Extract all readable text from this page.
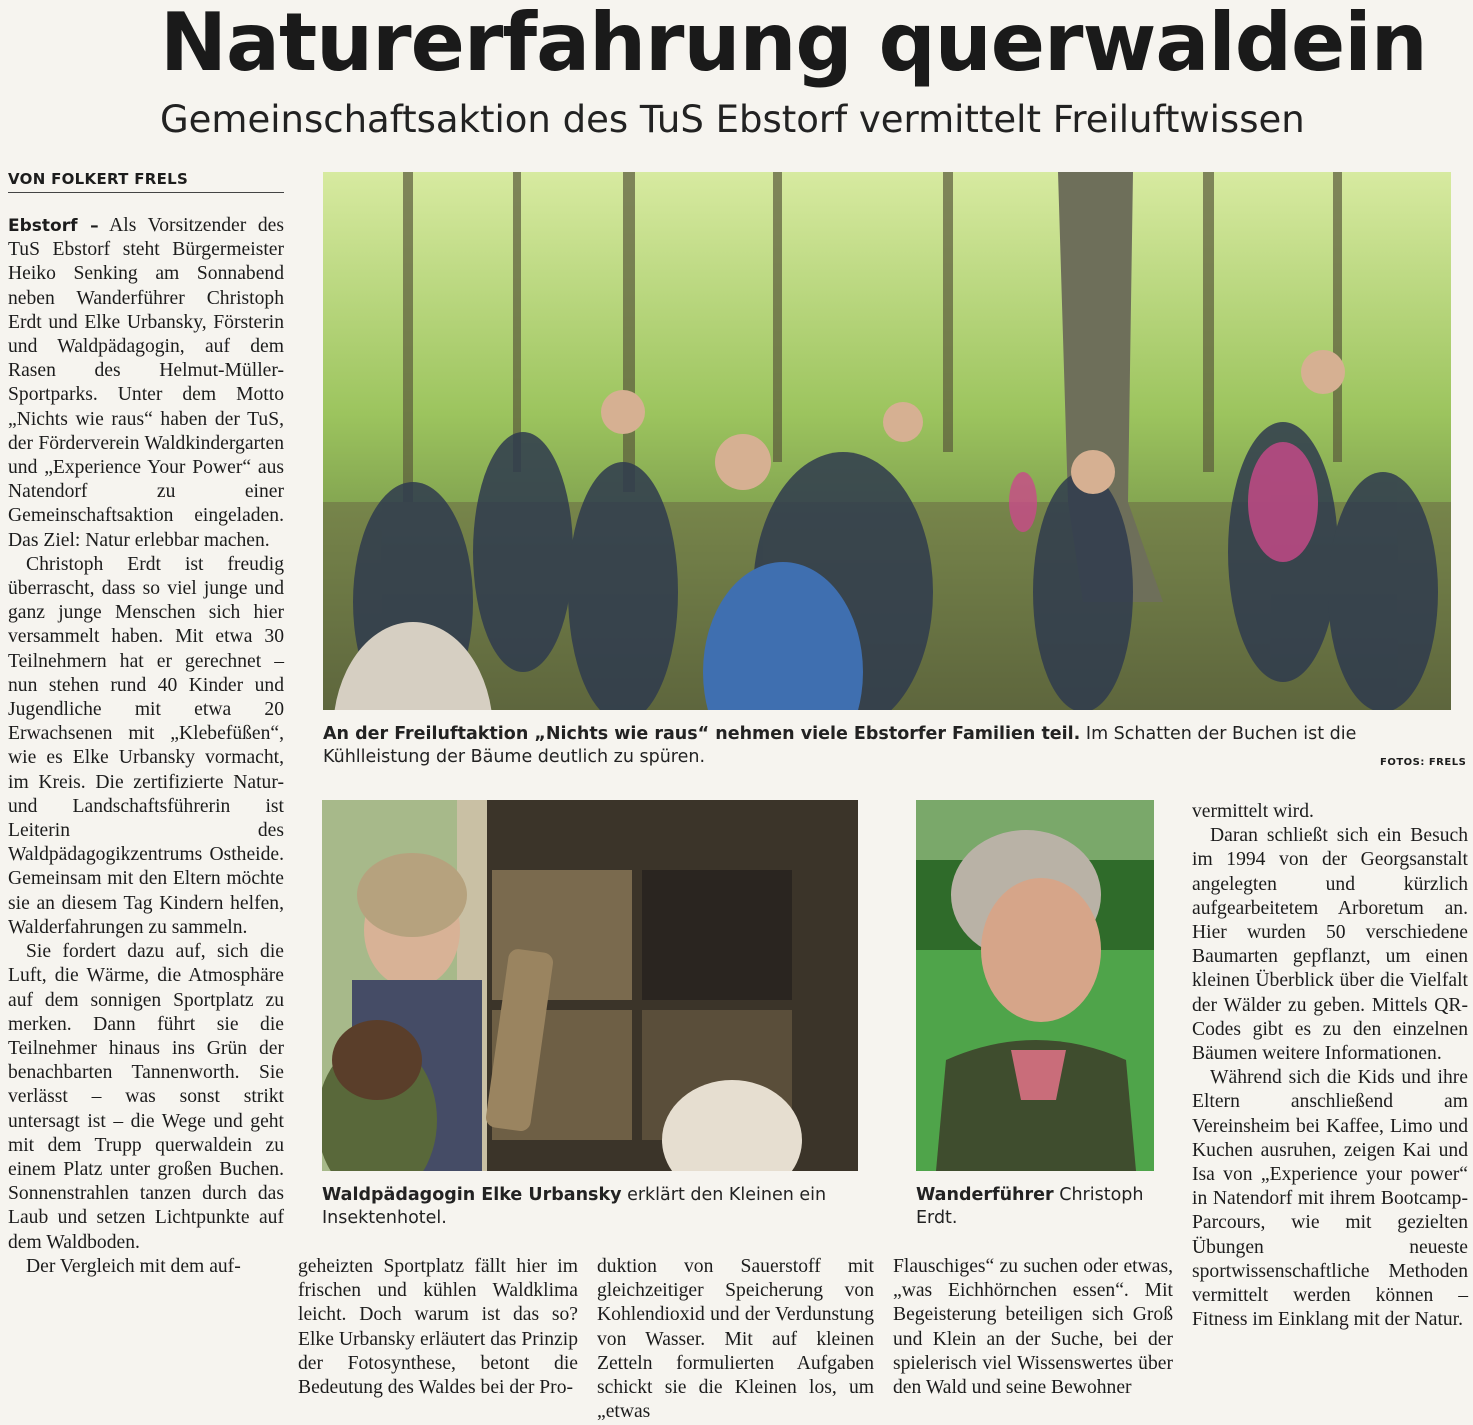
Naturerfahrung querwaldein
Gemeinschaftsaktion des TuS Ebstorf vermittelt Freiluftwissen
VON FOLKERT FRELS

Ebstorf – Als Vorsitzender des TuS Ebstorf steht Bürgermeister Heiko Senking am Sonnabend neben Wanderführer Christoph Erdt und Elke Urbansky, Försterin und Waldpädagogin, auf dem Rasen des Helmut-Müller-Sportparks. Unter dem Motto „Nichts wie raus“ haben der TuS, der Förderverein Waldkindergarten und „Experience Your Power“ aus Natendorf zu einer Gemeinschaftsaktion eingeladen. Das Ziel: Natur erlebbar machen.

Christoph Erdt ist freudig überrascht, dass so viel junge und ganz junge Menschen sich hier versammelt haben. Mit etwa 30 Teilnehmern hat er gerechnet – nun stehen rund 40 Kinder und Jugendliche mit etwa 20 Erwachsenen mit „Klebefüßen“, wie es Elke Urbansky vormacht, im Kreis. Die zertifizierte Natur- und Landschaftsführerin ist Leiterin des Waldpädagogikzentrums Ostheide. Gemeinsam mit den Eltern möchte sie an diesem Tag Kindern helfen, Walderfahrungen zu sammeln.

Sie fordert dazu auf, sich die Luft, die Wärme, die Atmosphäre auf dem sonnigen Sportplatz zu merken. Dann führt sie die Teilnehmer hinaus ins Grün der benachbarten Tannenworth. Sie verlässt – was sonst strikt untersagt ist – die Wege und geht mit dem Trupp querwaldein zu einem Platz unter großen Buchen. Sonnenstrahlen tanzen durch das Laub und setzen Lichtpunkte auf dem Waldboden.

Der Vergleich mit dem auf-	geheizten Sportplatz fällt hier im frischen und kühlen Waldklima leicht. Doch warum ist das so? Elke Urbansky erläutert das Prinzip der Fotosynthese, betont die Bedeutung des Waldes bei der Pro-

duktion von Sauerstoff mit gleichzeitiger Speicherung von Kohlendioxid und der Verdunstung von Wasser. Mit auf kleinen Zetteln formulierten Aufgaben schickt sie die Kleinen los, um „etwas

Flauschiges“ zu suchen oder etwas, „was Eichhörnchen essen“. Mit Begeisterung beteiligen sich Groß und Klein an der Suche, bei der spielerisch viel Wissenswertes über den Wald und seine Bewohner

vermittelt wird.

Daran schließt sich ein Besuch im 1994 von der Georgsanstalt angelegten und kürzlich aufgearbeitetem Arboretum an. Hier wurden 50 verschiedene Baumarten gepflanzt, um einen kleinen Überblick über die Vielfalt der Wälder zu geben. Mittels QR-Codes gibt es zu den einzelnen Bäumen weitere Informationen.

Während sich die Kids und ihre Eltern anschließend am Vereinsheim bei Kaffee, Limo und Kuchen ausruhen, zeigen Kai und Isa von „Experience your power“ in Natendorf mit ihrem Bootcamp-Parcours, wie mit gezielten Übungen neueste sportwissenschaftliche Methoden vermittelt werden können – Fitness im Einklang mit der Natur.

An der Freiluftaktion „Nichts wie raus“ nehmen viele Ebstorfer Familien teil. Im Schatten der Buchen ist die Kühlleistung der Bäume deutlich zu spüren.	FOTOS: FRELS
Waldpädagogin Elke Urbansky erklärt den Kleinen ein Insektenhotel.
Wanderführer Christoph Erdt.
